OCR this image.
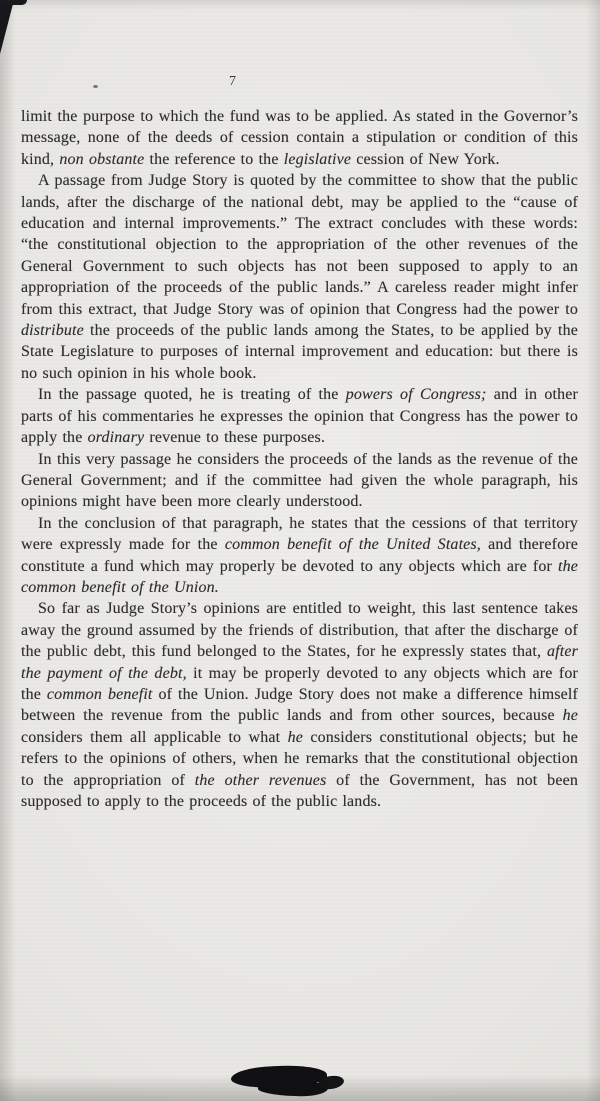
7

limit the purpose to which the fund was to be applied. As stated in the Governor’s message, none of the deeds of cession contain a stipulation or condition of this kind, non obstante the reference to the legislative cession of New York.

A passage from Judge Story is quoted by the committee to show that the public lands, after the discharge of the national debt, may be applied to the “cause of education and internal improvements.” The extract concludes with these words: “the constitutional objection to the appropriation of the other revenues of the General Government to such objects has not been supposed to apply to an appropriation of the proceeds of the public lands.” A careless reader might infer from this extract, that Judge Story was of opinion that Congress had the power to distribute the proceeds of the public lands among the States, to be applied by the State Legislature to purposes of internal improvement and education: but there is no such opinion in his whole book.

In the passage quoted, he is treating of the powers of Congress; and in other parts of his commentaries he expresses the opinion that Congress has the power to apply the ordinary revenue to these purposes.

In this very passage he considers the proceeds of the lands as the revenue of the General Government; and if the committee had given the whole paragraph, his opinions might have been more clearly understood.

In the conclusion of that paragraph, he states that the cessions of that territory were expressly made for the common benefit of the United States, and therefore constitute a fund which may properly be devoted to any objects which are for the common benefit of the Union.

So far as Judge Story’s opinions are entitled to weight, this last sentence takes away the ground assumed by the friends of distribution, that after the discharge of the public debt, this fund belonged to the States, for he expressly states that, after the payment of the debt, it may be properly devoted to any objects which are for the common benefit of the Union. Judge Story does not make a difference himself between the revenue from the public lands and from other sources, because he considers them all applicable to what he considers constitutional objects; but he refers to the opinions of others, when he remarks that the constitutional objection to the appropriation of the other revenues of the Government, has not been supposed to apply to the proceeds of the public lands.
